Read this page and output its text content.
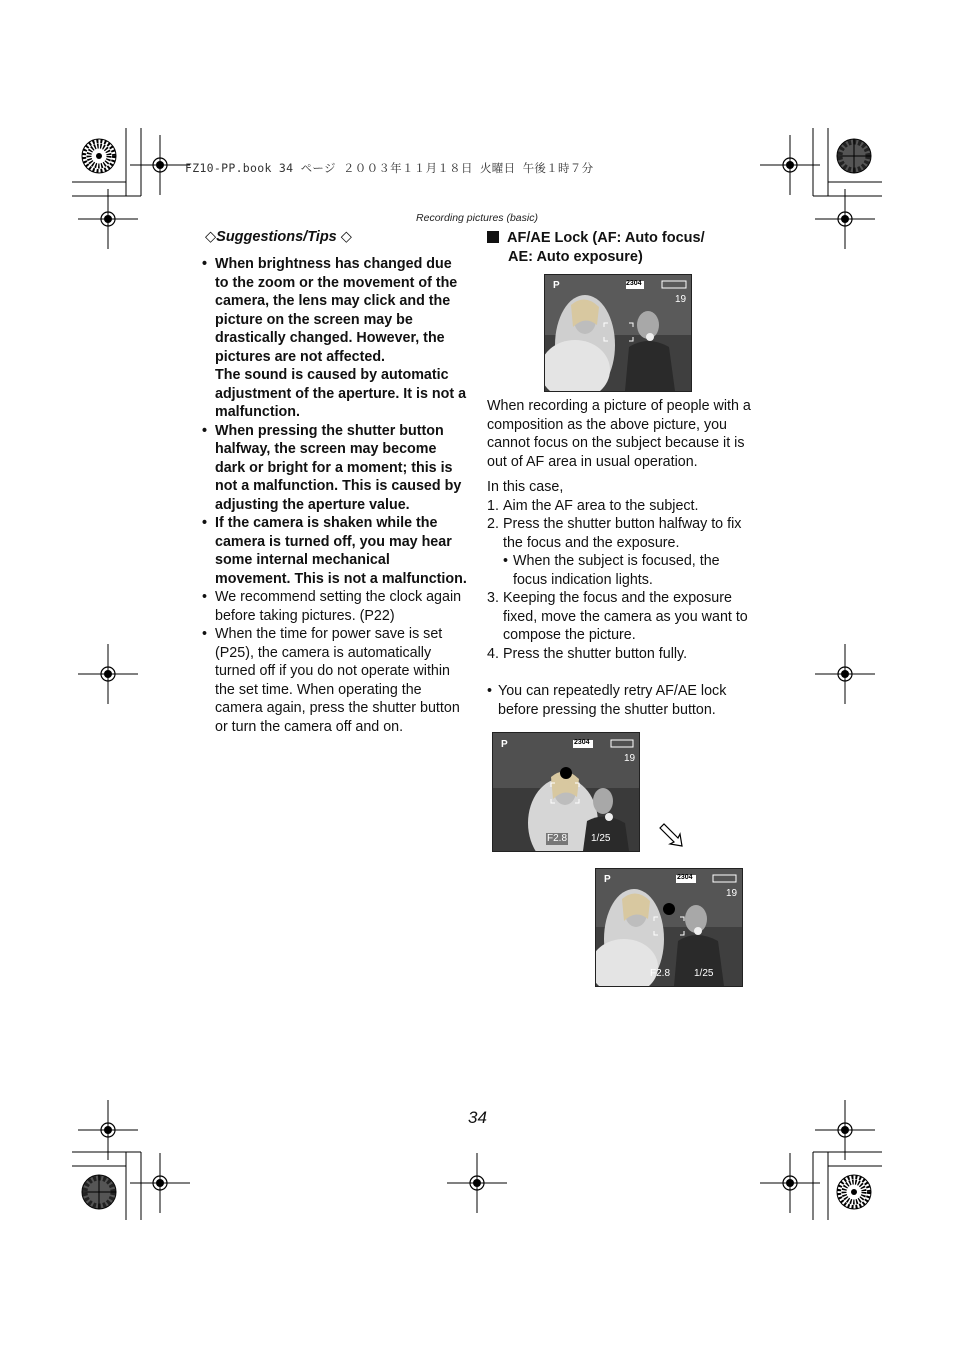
FZ10-PP.book 34 ページ ２００３年１１月１８日 火曜日 午後１時７分
Recording pictures (basic)
◇Suggestions/Tips ◇
• When brightness has changed due to the zoom or the movement of the camera, the lens may click and the picture on the screen may be drastically changed. However, the pictures are not affected.
The sound is caused by automatic adjustment of the aperture. It is not a malfunction.
• When pressing the shutter button halfway, the screen may become dark or bright for a moment; this is not a malfunction. This is caused by adjusting the aperture value.
• If the camera is shaken while the camera is turned off, you may hear some internal mechanical movement. This is not a malfunction.
• We recommend setting the clock again before taking pictures. (P22)
• When the time for power save is set (P25), the camera is automatically turned off if you do not operate within the set time. When operating the camera again, press the shutter button or turn the camera off and on.
AF/AE Lock (AF: Auto focus/
AE: Auto exposure)
P	2304
19

When recording a picture of people with a composition as the above picture, you cannot focus on the subject because it is out of AF area in usual operation.

In this case,

1. Aim the AF area to the subject.
2. Press the shutter button halfway to fix the focus and the exposure.
• When the subject is focused, the focus indication lights.
3. Keeping the focus and the exposure fixed, move the camera as you want to compose the picture.
4. Press the shutter button fully.

• You can repeatedly retry AF/AE lock before pressing the shutter button.

P	2304
19
F2.8 1/25
P	2304
19
F2.8 1/25
34
